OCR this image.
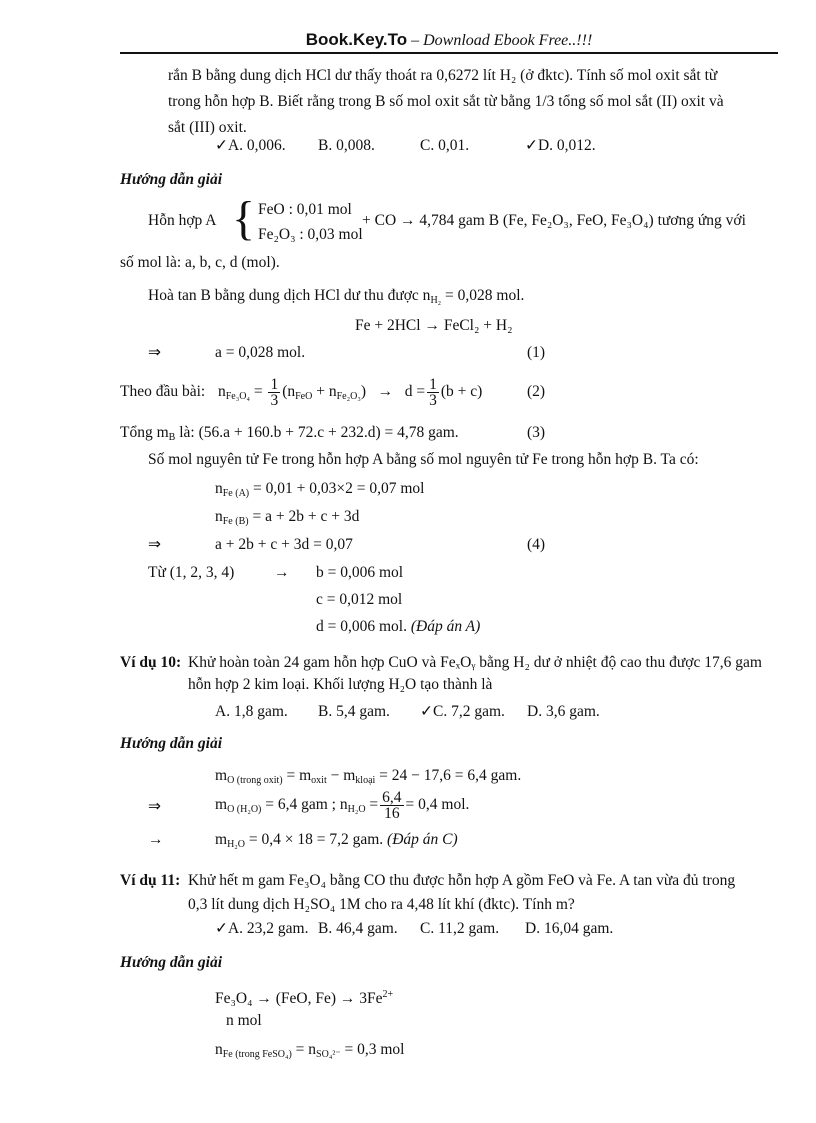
Book.Key.To – Download Ebook Free..!!!
rắn B bằng dung dịch HCl dư thấy thoát ra 0,6272 lít H₂ (ở đktc). Tính số mol oxit sắt từ
trong hỗn hợp B. Biết rằng trong B số mol oxit sắt từ bằng 1/3 tổng số mol sắt (II) oxit và
sắt (III) oxit.
✓A. 0,006. B. 0,008.	C. 0,01.	✓D. 0,012.
Hướng dẫn giải
Hỗn hợp A { FeO : 0,01 mol
Fe₂O₃ : 0,03 mol
+ CO → 4,784 gam B (Fe, Fe₂O₃, FeO, Fe₃O₄) tương ứng với
số mol là: a, b, c, d (mol).
Hoà tan B bằng dung dịch HCl dư thu được $n_{H_2} = 0,028$ mol.
Fe + 2HCl → FeCl₂ + H₂
⇒	a = 0,028 mol.	(1)
Theo đầu bài: $n_{Fe_3O_4} = \frac{1}{3} (n_{FeO} + n_{Fe_2O_3}) \to d = \frac{1}{3} (b + c)$	(2)
Tổng $m_B$ là: (56.a + 160.b + 72.c + 232.d) = 4,78 gam.	(3)
Số mol nguyên tử Fe trong hỗn hợp A bằng số mol nguyên tử Fe trong hỗn hợp B. Ta có:
$n_{Fe (A)} = 0,01 + 0,03\times 2 = 0,07$ mol
$n_{Fe (B)} = a + 2b + c + 3d$
⇒	a + 2b + c + 3d = 0,07	(4)
Từ (1, 2, 3, 4)	→ b = 0,006 mol
c = 0,012 mol
d = 0,006 mol. (Đáp án A)
Ví dụ 10: Khử hoàn toàn 24 gam hỗn hợp CuO và FeₓOᵧ bằng H₂ dư ở nhiệt độ cao thu được 17,6 gam
hỗn hợp 2 kim loại. Khối lượng H₂O tạo thành là
A. 1,8 gam. B. 5,4 gam. ✓C. 7,2 gam. D. 3,6 gam.
Hướng dẫn giải
$m_{O (trong oxit)} = m_{oxit} - m_{kloại} = 24 - 17,6 = 6,4$ gam.
⇒	$m_{O (H_2O)} = 6,4$ gam ; $n_{H_2O} = \frac{6,4}{16} = 0,4$ mol.
→	$m_{H_2O} = 0,4 \times 18 = 7,2$ gam. (Đáp án C)
Ví dụ 11: Khử hết m gam Fe₃O₄ bằng CO thu được hỗn hợp A gồm FeO và Fe. A tan vừa đủ trong
0,3 lít dung dịch H₂SO₄ 1M cho ra 4,48 lít khí (đktc). Tính m?
✓A. 23,2 gam. B. 46,4 gam. C. 11,2 gam. D. 16,04 gam.
Hướng dẫn giải
Fe₃O₄ → (FeO, $Fe) \to 3Fe^{2+}$
n mol
$n_{Fe (trong FeSO_4)} = n_{SO_4^{2-}} = 0,3$ mol
